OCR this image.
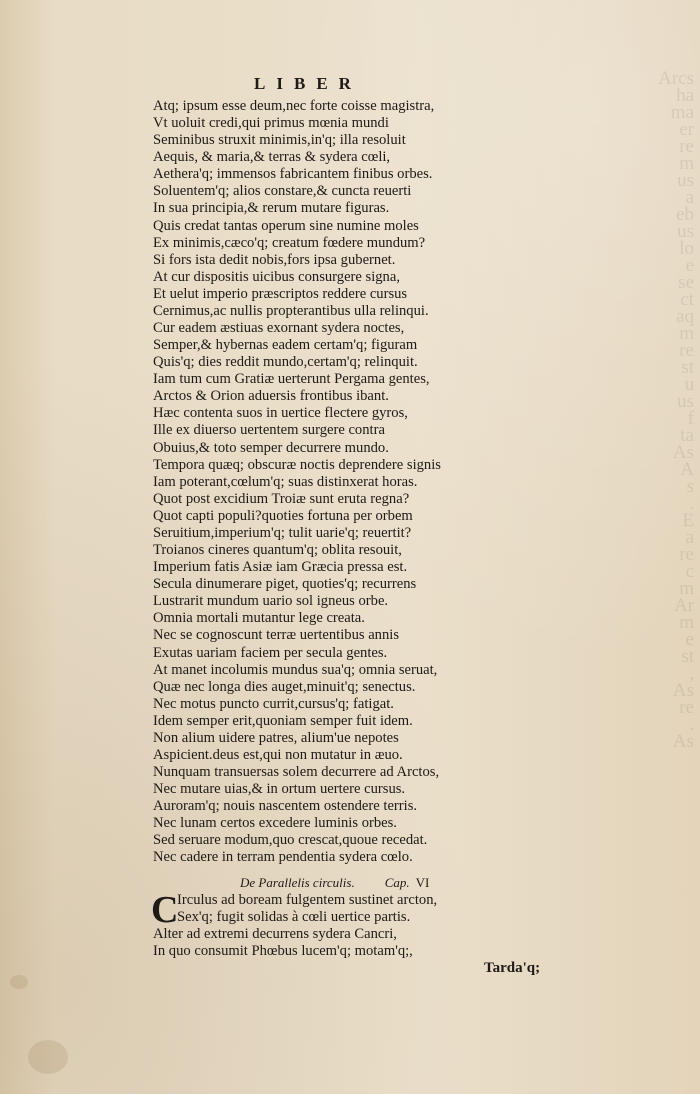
Arcs
ha
ma
er
re
m
us
a
eb
us
lo
e
se
ct
aq
m
re
st
u
us
f
ta
As
A
s
.
E
a
re
c
m
Ar
m
e
st
,
As
re
.
As
LIBER
Atq; ipsum esse deum,nec forte coisse magistra,
Vt uoluit credi,qui primus mœnia mundi
Seminibus struxit minimis,in'q; illa resoluit
Aequis, & maria,& terras & sydera cœli,
Aethera'q; immensos fabricantem finibus orbes.
Soluentem'q; alios constare,& cuncta reuerti
In sua principia,& rerum mutare figuras.
Quis credat tantas operum sine numine moles
Ex minimis,cæco'q; creatum fœdere mundum?
Si fors ista dedit nobis,fors ipsa gubernet.
At cur dispositis uicibus consurgere signa,
Et uelut imperio præscriptos reddere cursus
Cernimus,ac nullis propterantibus ulla relinqui.
Cur eadem æstiuas exornant sydera noctes,
Semper,& hybernas eadem certam'q; figuram
Quis'q; dies reddit mundo,certam'q; relinquit.
Iam tum cum Gratiæ uerterunt Pergama gentes,
Arctos & Orion aduersis frontibus ibant.
Hæc contenta suos in uertice flectere gyros,
Ille ex diuerso uertentem surgere contra
Obuius,& toto semper decurrere mundo.
Tempora quæq; obscuræ noctis deprendere signis
Iam poterant,cœlum'q; suas distinxerat horas.
Quot post excidium Troiæ sunt eruta regna?
Quot capti populi?quoties fortuna per orbem
Seruitium,imperium'q; tulit uarie'q; reuertit?
Troianos cineres quantum'q; oblita resouit,
Imperium fatis Asiæ iam Græcia pressa est.
Secula dinumerare piget, quoties'q; recurrens
Lustrarit mundum uario sol igneus orbe.
Omnia mortali mutantur lege creata.
Nec se cognoscunt terræ uertentibus annis
Exutas uariam faciem per secula gentes.
At manet incolumis mundus sua'q; omnia seruat,
Quæ nec longa dies auget,minuit'q; senectus.
Nec motus puncto currit,cursus'q; fatigat.
Idem semper erit,quoniam semper fuit idem.
Non alium uidere patres, alium'ue nepotes
Aspicient.deus est,qui non mutatur in æuo.
Nunquam transuersas solem decurrere ad Arctos,
Nec mutare uias,& in ortum uertere cursus.
Auroram'q; nouis nascentem ostendere terris.
Nec lunam certos excedere luminis orbes.
Sed seruare modum,quo crescat,quoue recedat.
Nec cadere in terram pendentia sydera cœlo.
De Parallelis circulis. Cap. VI
C
Irculus ad boream fulgentem sustinet arcton,
Sex'q; fugit solidas à cœli uertice partis.
Alter ad extremi decurrens sydera Cancri,
In quo consumit Phœbus lucem'q; motam'q;,
Tarda'q;
